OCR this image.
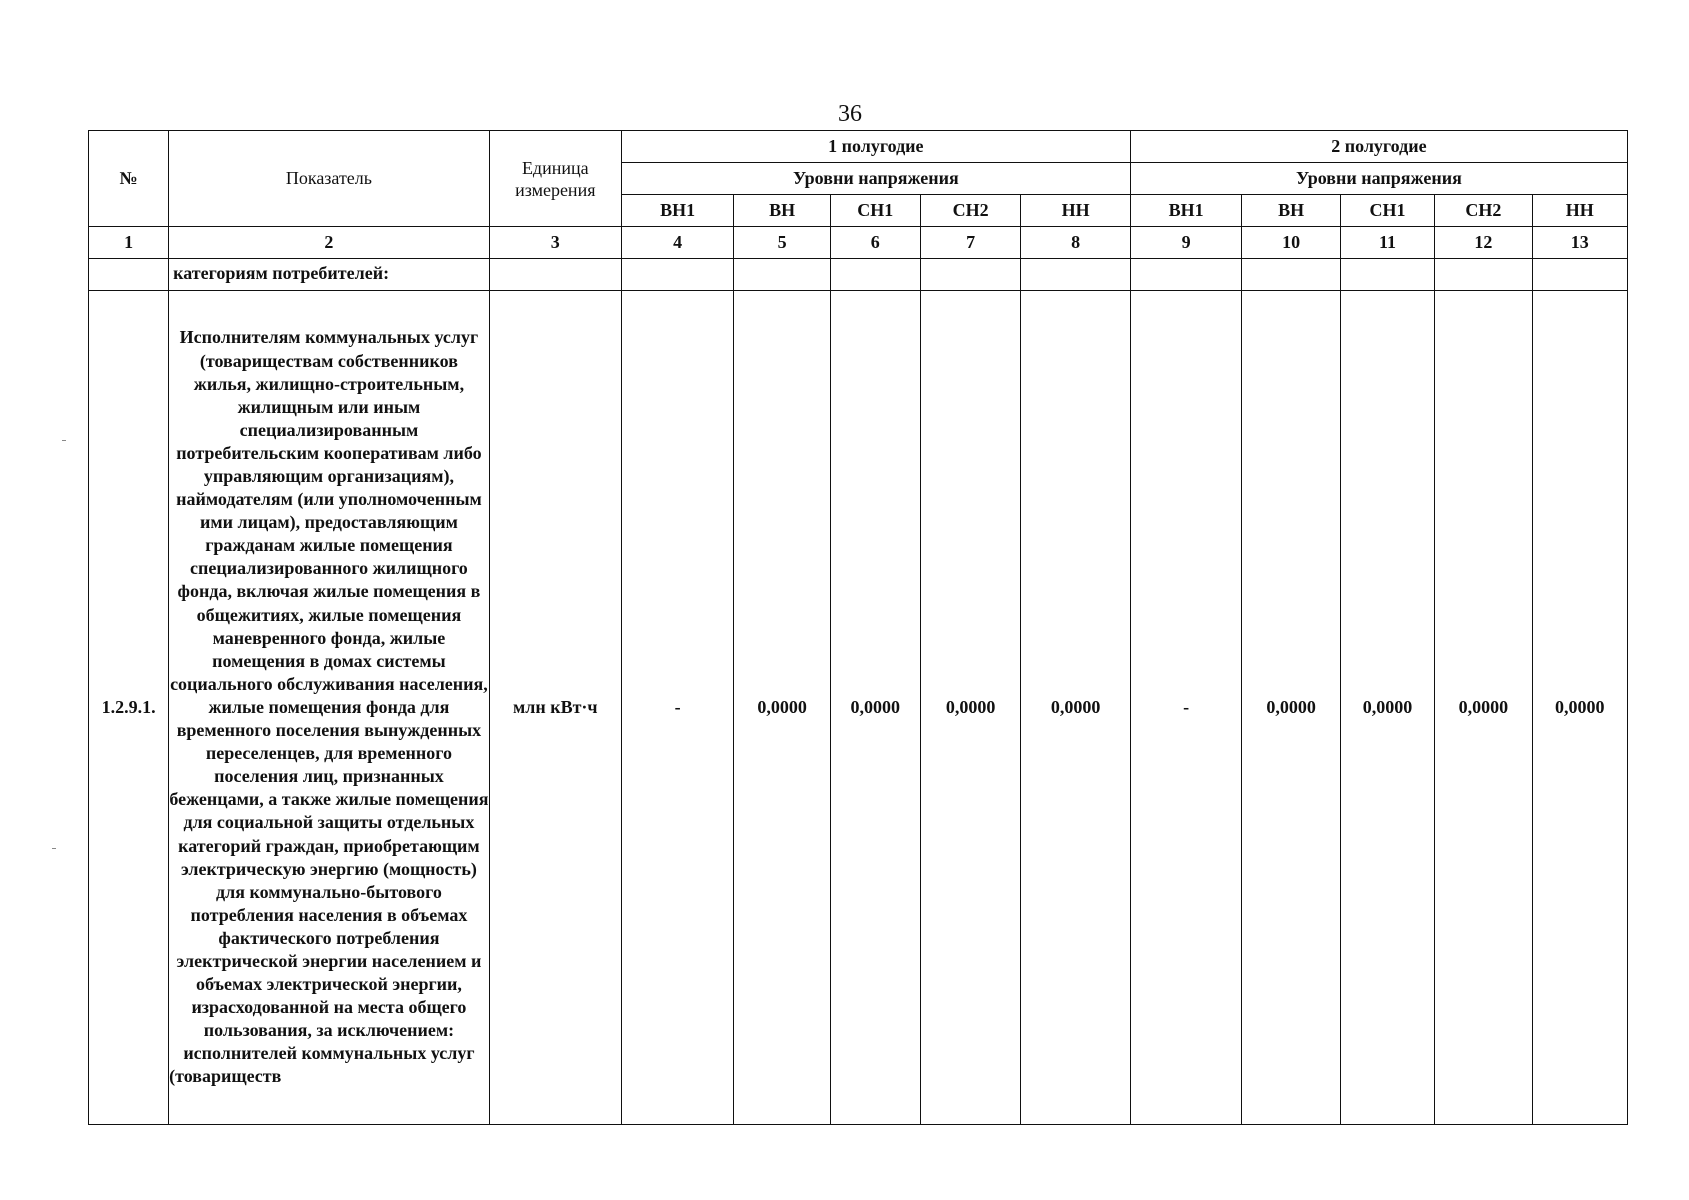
36
№	Показатель	Единица измерения	1 полугодие					2 полугодие				
			Уровни напряжения					Уровни напряжения				
			ВН1	ВН	СН1	СН2	НН	ВН1	ВН	СН1	СН2	НН
1	2	3	4	5	6	7	8	9	10	11	12	13
	категориям потребителей:											
1.2.9.1.	Исполнителям коммунальных услуг (товариществам собственников жилья, жилищно-строительным, жилищным или иным специализированным потребительским кооперативам либо управляющим организациям), наймодателям (или уполномоченным ими лицам), предоставляющим гражданам жилые помещения специализированного жилищного фонда, включая жилые помещения в общежитиях, жилые помещения маневренного фонда, жилые помещения в домах системы социального обслуживания населения, жилые помещения фонда для временного поселения вынужденных переселенцев, для временного поселения лиц, признанных беженцами, а также жилые помещения для социальной защиты отдельных категорий граждан, приобретающим электрическую энергию (мощность) для коммунально-бытового потребления населения в объемах фактического потребления электрической энергии населением и объемах электрической энергии, израсходованной на места общего пользования, за исключением: исполнителей коммунальных услуг (товариществ	млн кВт·ч	-	0,0000	0,0000	0,0000	0,0000	-	0,0000	0,0000	0,0000	0,0000
